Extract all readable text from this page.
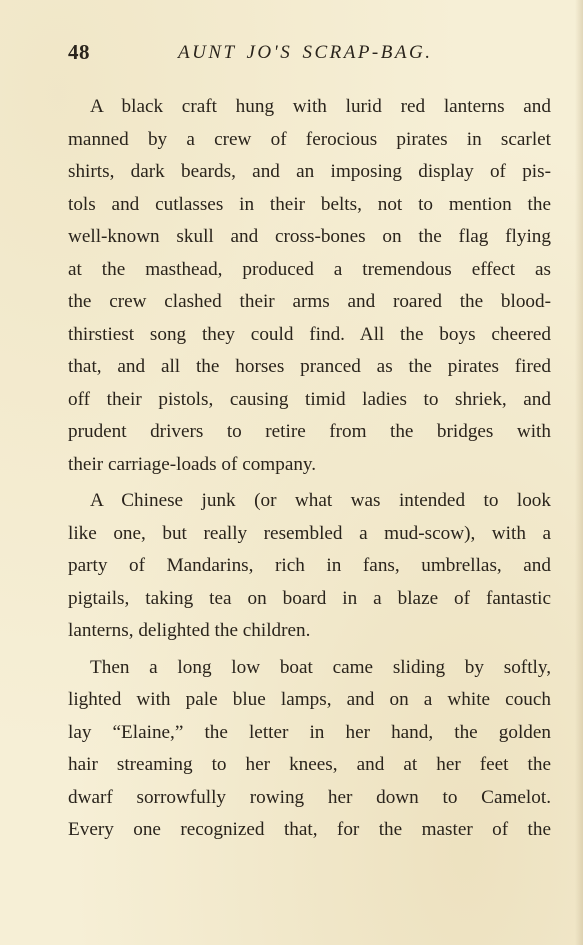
48	AUNT JO'S SCRAP-BAG.
A black craft hung with lurid red lanterns and
manned by a crew of ferocious pirates in scarlet
shirts, dark beards, and an imposing display of pis-
tols and cutlasses in their belts, not to mention the
well-known skull and cross-bones on the flag flying
at the masthead, produced a tremendous effect as
the crew clashed their arms and roared the blood-
thirstiest song they could find. All the boys cheered
that, and all the horses pranced as the pirates fired
off their pistols, causing timid ladies to shriek, and
prudent drivers to retire from the bridges with
their carriage-loads of company.
A Chinese junk (or what was intended to look
like one, but really resembled a mud-scow), with a
party of Mandarins, rich in fans, umbrellas, and
pigtails, taking tea on board in a blaze of fantastic
lanterns, delighted the children.
Then a long low boat came sliding by softly,
lighted with pale blue lamps, and on a white couch
lay “Elaine,” the letter in her hand, the golden
hair streaming to her knees, and at her feet the
dwarf sorrowfully rowing her down to Camelot.
Every one recognized that, for the master of the
